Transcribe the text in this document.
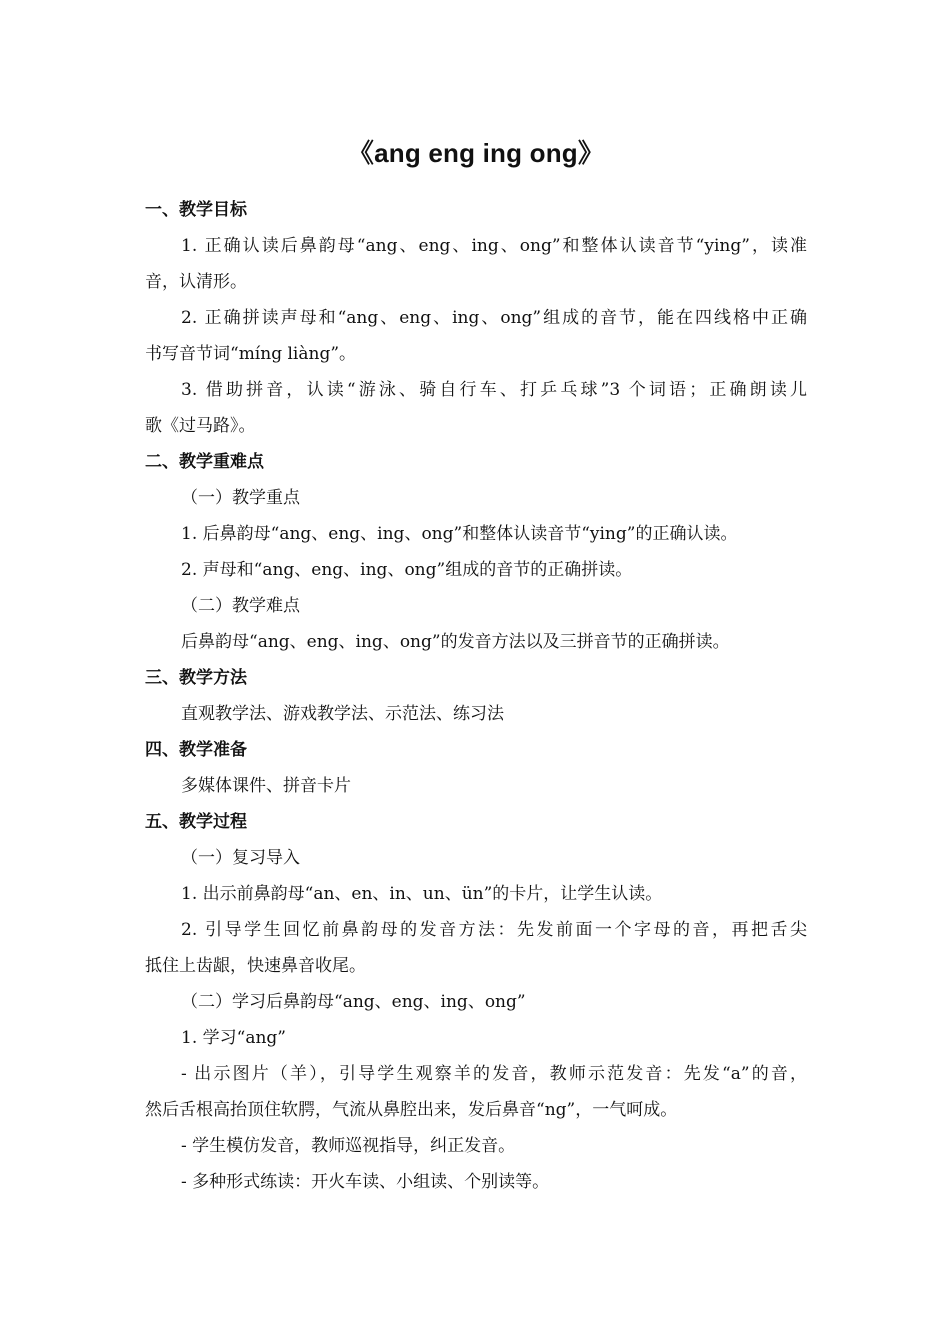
《ang eng ing ong》
一、教学目标
1. 正确认读后鼻韵母“ang、eng、ing、ong”和整体认读音节“ying”，读准
音，认清形。
2. 正确拼读声母和“ang、eng、ing、ong”组成的音节，能在四线格中正确
书写音节词“míng liàng”。
3. 借助拼音，认读“游泳、骑自行车、打乒乓球”3 个词语；正确朗读儿
歌《过马路》。
二、教学重难点
（一）教学重点
1. 后鼻韵母“ang、eng、ing、ong”和整体认读音节“ying”的正确认读。
2. 声母和“ang、eng、ing、ong”组成的音节的正确拼读。
（二）教学难点
后鼻韵母“ang、eng、ing、ong”的发音方法以及三拼音节的正确拼读。
三、教学方法
直观教学法、游戏教学法、示范法、练习法
四、教学准备
多媒体课件、拼音卡片
五、教学过程
（一）复习导入
1. 出示前鼻韵母“an、en、in、un、ün”的卡片，让学生认读。
2. 引导学生回忆前鼻韵母的发音方法：先发前面一个字母的音，再把舌尖
抵住上齿龈，快速鼻音收尾。
（二）学习后鼻韵母“ang、eng、ing、ong”
1. 学习“ang”
- 出示图片（羊），引导学生观察羊的发音，教师示范发音：先发“a”的音，
然后舌根高抬顶住软腭，气流从鼻腔出来，发后鼻音“ng”，一气呵成。
- 学生模仿发音，教师巡视指导，纠正发音。
- 多种形式练读：开火车读、小组读、个别读等。
